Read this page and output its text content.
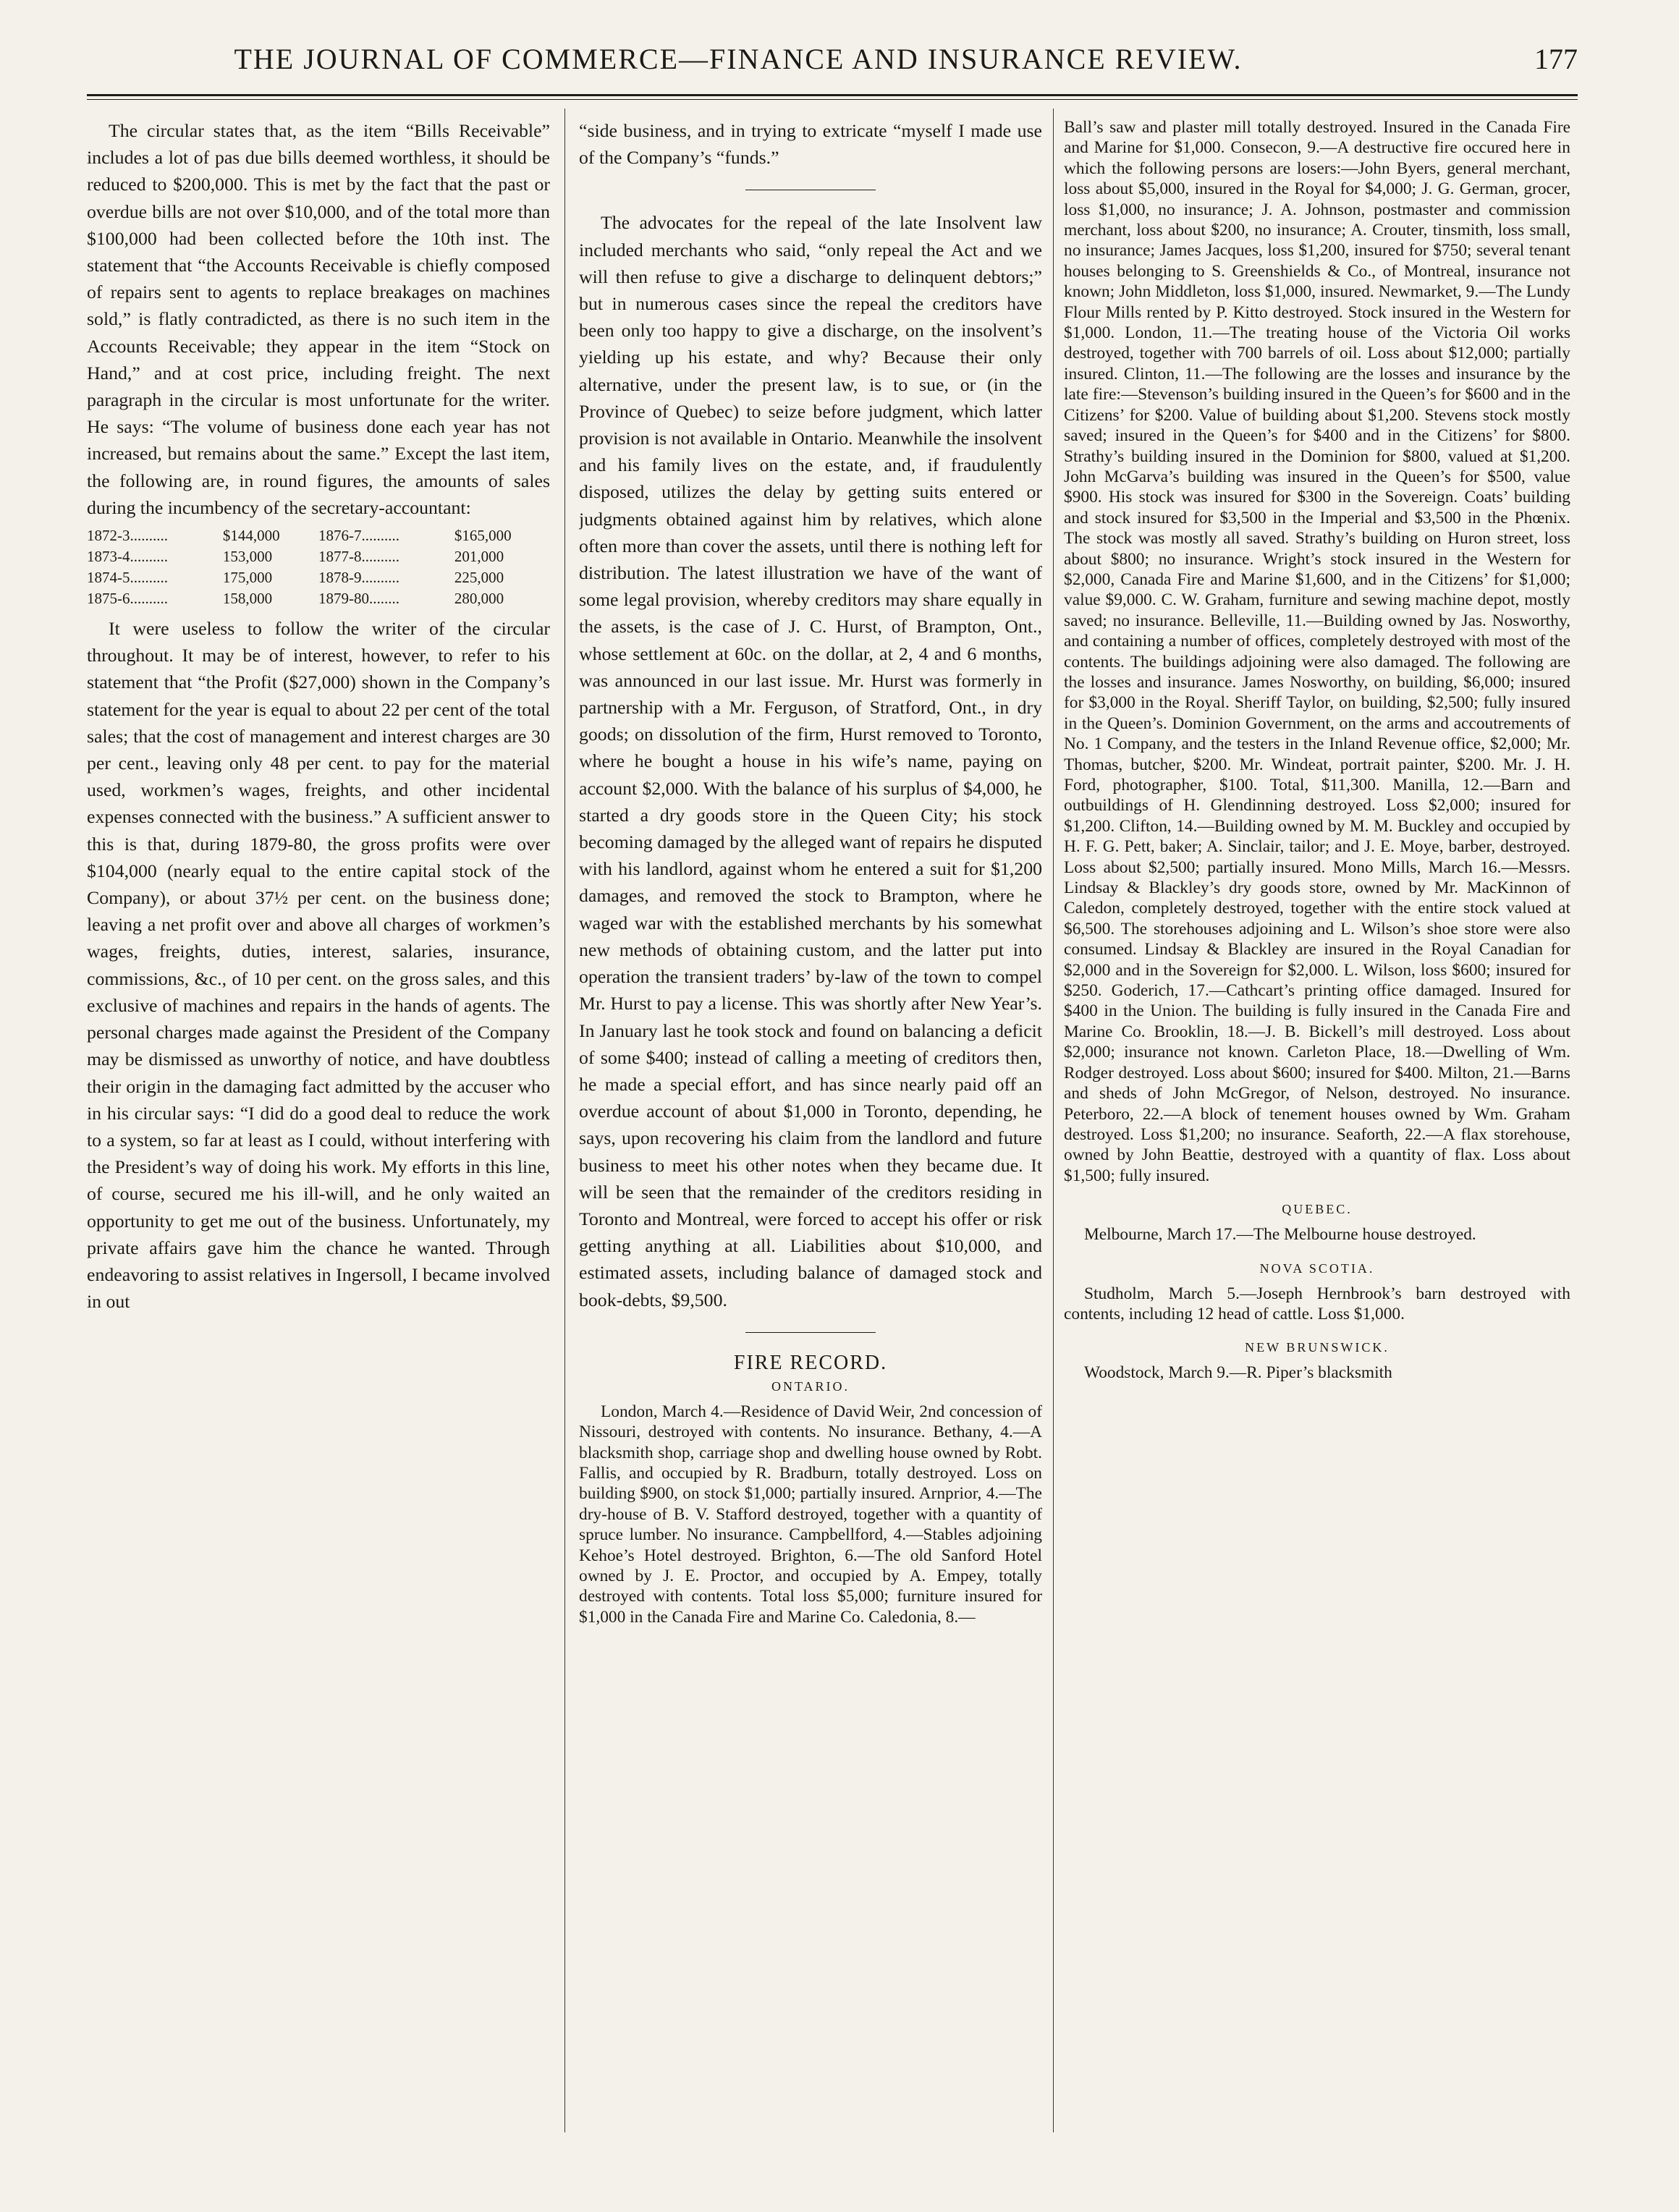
THE JOURNAL OF COMMERCE—FINANCE AND INSURANCE REVIEW.	177

The circular states that, as the item “Bills Receivable” includes a lot of pas due bills deemed worthless, it should be reduced to $200,000. This is met by the fact that the past or overdue bills are not over $10,000, and of the total more than $100,000 had been collected before the 10th inst. The statement that “the Accounts Receivable is chiefly composed of repairs sent to agents to replace breakages on machines sold,” is flatly contradicted, as there is no such item in the Accounts Receivable; they appear in the item “Stock on Hand,” and at cost price, including freight. The next paragraph in the circular is most unfortunate for the writer. He says: “The volume of business done each year has not increased, but remains about the same.” Except the last item, the following are, in round figures, the amounts of sales during the incumbency of the secretary-accountant:

1872-3..........	$144,000	1876-7..........	$165,000
1873-4..........	153,000	1877-8..........	201,000
1874-5..........	175,000	1878-9..........	225,000
1875-6..........	158,000	1879-80........	280,000

It were useless to follow the writer of the circular throughout. It may be of interest, however, to refer to his statement that “the Profit ($27,000) shown in the Company’s statement for the year is equal to about 22 per cent of the total sales; that the cost of management and interest charges are 30 per cent., leaving only 48 per cent. to pay for the material used, workmen’s wages, freights, and other incidental expenses connected with the business.” A sufficient answer to this is that, during 1879-80, the gross profits were over $104,000 (nearly equal to the entire capital stock of the Company), or about 37½ per cent. on the business done; leaving a net profit over and above all charges of workmen’s wages, freights, duties, interest, salaries, insurance, commissions, &c., of 10 per cent. on the gross sales, and this exclusive of machines and repairs in the hands of agents. The personal charges made against the President of the Company may be dismissed as unworthy of notice, and have doubtless their origin in the damaging fact admitted by the accuser who in his circular says: “I did do a good deal to reduce the work to a system, so far at least as I could, without interfering with the President’s way of doing his work. My efforts in this line, of course, secured me his ill-will, and he only waited an opportunity to get me out of the business. Unfortunately, my private affairs gave him the chance he wanted. Through endeavoring to assist relatives in Ingersoll, I became involved in out

“side business, and in trying to extricate “myself I made use of the Company’s “funds.”

The advocates for the repeal of the late Insolvent law included merchants who said, “only repeal the Act and we will then refuse to give a discharge to delinquent debtors;” but in numerous cases since the repeal the creditors have been only too happy to give a discharge, on the insolvent’s yielding up his estate, and why? Because their only alternative, under the present law, is to sue, or (in the Province of Quebec) to seize before judgment, which latter provision is not available in Ontario. Meanwhile the insolvent and his family lives on the estate, and, if fraudulently disposed, utilizes the delay by getting suits entered or judgments obtained against him by relatives, which alone often more than cover the assets, until there is nothing left for distribution. The latest illustration we have of the want of some legal provision, whereby creditors may share equally in the assets, is the case of J. C. Hurst, of Brampton, Ont., whose settlement at 60c. on the dollar, at 2, 4 and 6 months, was announced in our last issue. Mr. Hurst was formerly in partnership with a Mr. Ferguson, of Stratford, Ont., in dry goods; on dissolution of the firm, Hurst removed to Toronto, where he bought a house in his wife’s name, paying on account $2,000. With the balance of his surplus of $4,000, he started a dry goods store in the Queen City; his stock becoming damaged by the alleged want of repairs he disputed with his landlord, against whom he entered a suit for $1,200 damages, and removed the stock to Brampton, where he waged war with the established merchants by his somewhat new methods of obtaining custom, and the latter put into operation the transient traders’ by-law of the town to compel Mr. Hurst to pay a license. This was shortly after New Year’s. In January last he took stock and found on balancing a deficit of some $400; instead of calling a meeting of creditors then, he made a special effort, and has since nearly paid off an overdue account of about $1,000 in Toronto, depending, he says, upon recovering his claim from the landlord and future business to meet his other notes when they became due. It will be seen that the remainder of the creditors residing in Toronto and Montreal, were forced to accept his offer or risk getting anything at all. Liabilities about $10,000, and estimated assets, including balance of damaged stock and book-debts, $9,500.

FIRE RECORD.
ONTARIO.

London, March 4.—Residence of David Weir, 2nd concession of Nissouri, destroyed with contents. No insurance. Bethany, 4.—A blacksmith shop, carriage shop and dwelling house owned by Robt. Fallis, and occupied by R. Bradburn, totally destroyed. Loss on building $900, on stock $1,000; partially insured. Arnprior, 4.—The dry-house of B. V. Stafford destroyed, together with a quantity of spruce lumber. No insurance. Campbellford, 4.—Stables adjoining Kehoe’s Hotel destroyed. Brighton, 6.—The old Sanford Hotel owned by J. E. Proctor, and occupied by A. Empey, totally destroyed with contents. Total loss $5,000; furniture insured for $1,000 in the Canada Fire and Marine Co. Caledonia, 8.—

Ball’s saw and plaster mill totally destroyed. Insured in the Canada Fire and Marine for $1,000. Consecon, 9.—A destructive fire occured here in which the following persons are losers:—John Byers, general merchant, loss about $5,000, insured in the Royal for $4,000; J. G. German, grocer, loss $1,000, no insurance; J. A. Johnson, postmaster and commission merchant, loss about $200, no insurance; A. Crouter, tinsmith, loss small, no insurance; James Jacques, loss $1,200, insured for $750; several tenant houses belonging to S. Greenshields & Co., of Montreal, insurance not known; John Middleton, loss $1,000, insured. Newmarket, 9.—The Lundy Flour Mills rented by P. Kitto destroyed. Stock insured in the Western for $1,000. London, 11.—The treating house of the Victoria Oil works destroyed, together with 700 barrels of oil. Loss about $12,000; partially insured. Clinton, 11.—The following are the losses and insurance by the late fire:—Stevenson’s building insured in the Queen’s for $600 and in the Citizens’ for $200. Value of building about $1,200. Stevens stock mostly saved; insured in the Queen’s for $400 and in the Citizens’ for $800. Strathy’s building insured in the Dominion for $800, valued at $1,200. John McGarva’s building was insured in the Queen’s for $500, value $900. His stock was insured for $300 in the Sovereign. Coats’ building and stock insured for $3,500 in the Imperial and $3,500 in the Phœnix. The stock was mostly all saved. Strathy’s building on Huron street, loss about $800; no insurance. Wright’s stock insured in the Western for $2,000, Canada Fire and Marine $1,600, and in the Citizens’ for $1,000; value $9,000. C. W. Graham, furniture and sewing machine depot, mostly saved; no insurance. Belleville, 11.—Building owned by Jas. Nosworthy, and containing a number of offices, completely destroyed with most of the contents. The buildings adjoining were also damaged. The following are the losses and insurance. James Nosworthy, on building, $6,000; insured for $3,000 in the Royal. Sheriff Taylor, on building, $2,500; fully insured in the Queen’s. Dominion Government, on the arms and accoutrements of No. 1 Company, and the testers in the Inland Revenue office, $2,000; Mr. Thomas, butcher, $200. Mr. Windeat, portrait painter, $200. Mr. J. H. Ford, photographer, $100. Total, $11,300. Manilla, 12.—Barn and outbuildings of H. Glendinning destroyed. Loss $2,000; insured for $1,200. Clifton, 14.—Building owned by M. M. Buckley and occupied by H. F. G. Pett, baker; A. Sinclair, tailor; and J. E. Moye, barber, destroyed. Loss about $2,500; partially insured. Mono Mills, March 16.—Messrs. Lindsay & Blackley’s dry goods store, owned by Mr. MacKinnon of Caledon, completely destroyed, together with the entire stock valued at $6,500. The storehouses adjoining and L. Wilson’s shoe store were also consumed. Lindsay & Blackley are insured in the Royal Canadian for $2,000 and in the Sovereign for $2,000. L. Wilson, loss $600; insured for $250. Goderich, 17.—Cathcart’s printing office damaged. Insured for $400 in the Union. The building is fully insured in the Canada Fire and Marine Co. Brooklin, 18.—J. B. Bickell’s mill destroyed. Loss about $2,000; insurance not known. Carleton Place, 18.—Dwelling of Wm. Rodger destroyed. Loss about $600; insured for $400. Milton, 21.—Barns and sheds of John McGregor, of Nelson, destroyed. No insurance. Peterboro, 22.—A block of tenement houses owned by Wm. Graham destroyed. Loss $1,200; no insurance. Seaforth, 22.—A flax storehouse, owned by John Beattie, destroyed with a quantity of flax. Loss about $1,500; fully insured.

QUEBEC.

Melbourne, March 17.—The Melbourne house destroyed.

NOVA SCOTIA.

Studholm, March 5.—Joseph Hernbrook’s barn destroyed with contents, including 12 head of cattle. Loss $1,000.

NEW BRUNSWICK.

Woodstock, March 9.—R. Piper’s blacksmith
